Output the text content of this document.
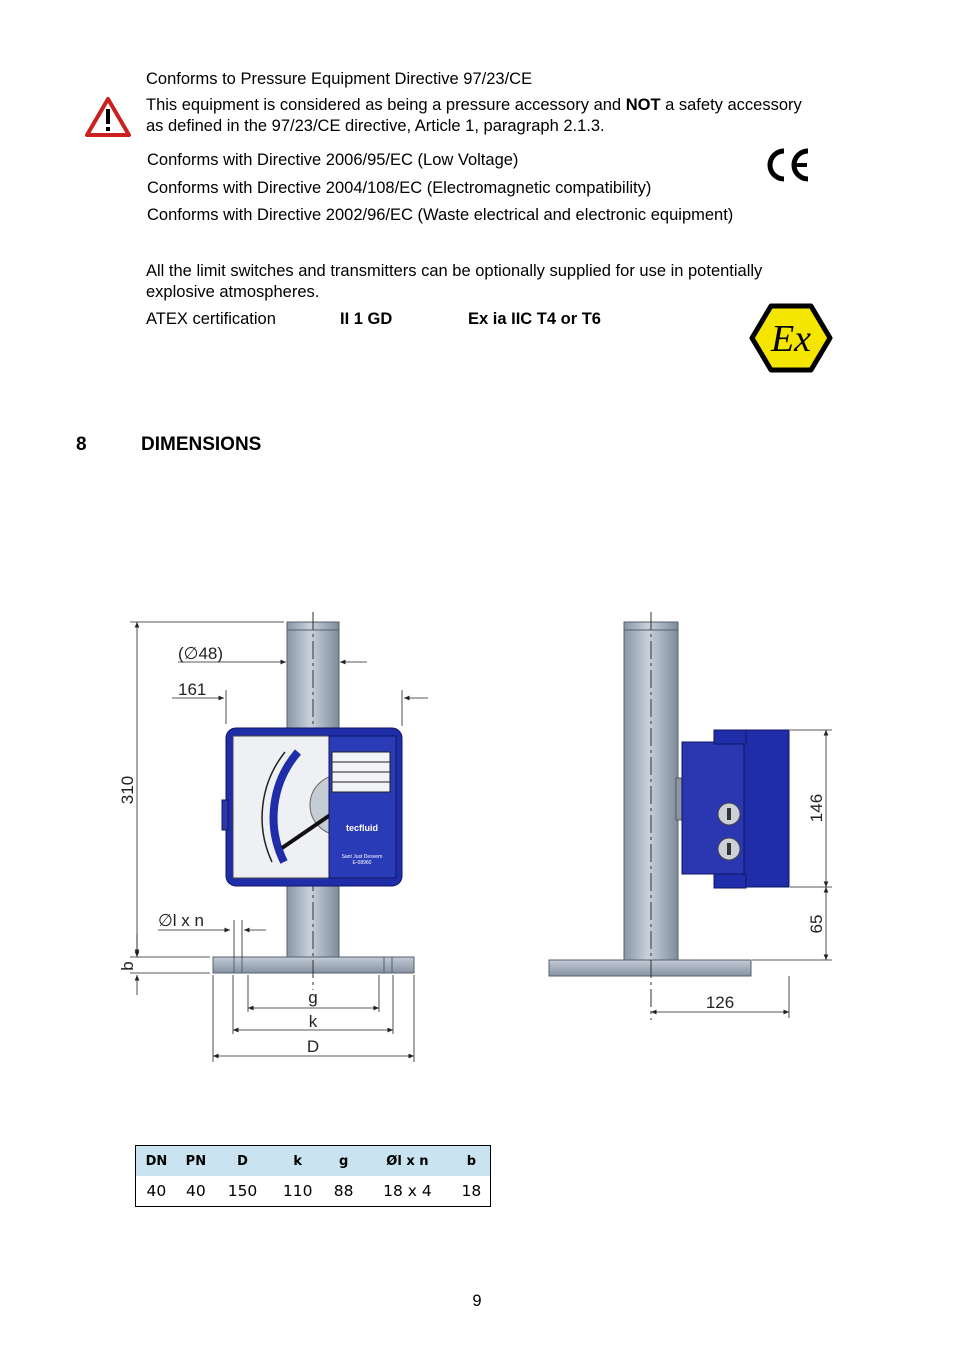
Conforms to Pressure Equipment Directive 97/23/CE
This equipment is considered as being a pressure accessory and NOT a safety accessory
as defined in the 97/23/CE directive, Article 1, paragraph 2.1.3.
Conforms with Directive 2006/95/EC (Low Voltage)
Conforms with Directive 2004/108/EC (Electromagnetic compatibility)
Conforms with Directive 2002/96/EC (Waste electrical and electronic equipment)
All the limit switches and transmitters can be optionally supplied for use in potentially
explosive atmospheres.
ATEX certification	II 1 GD	Ex ia IIC T4 or T6	Ex
8	DIMENSIONS
tecfluid
Sant Just Desvern
E-08960
310
(∅48)
161
∅l x n
b
g
k
D
146
65
126
DN	PN	D	k	g	Øl x n	b
40	40	150	110	88	18 x 4	18
9
